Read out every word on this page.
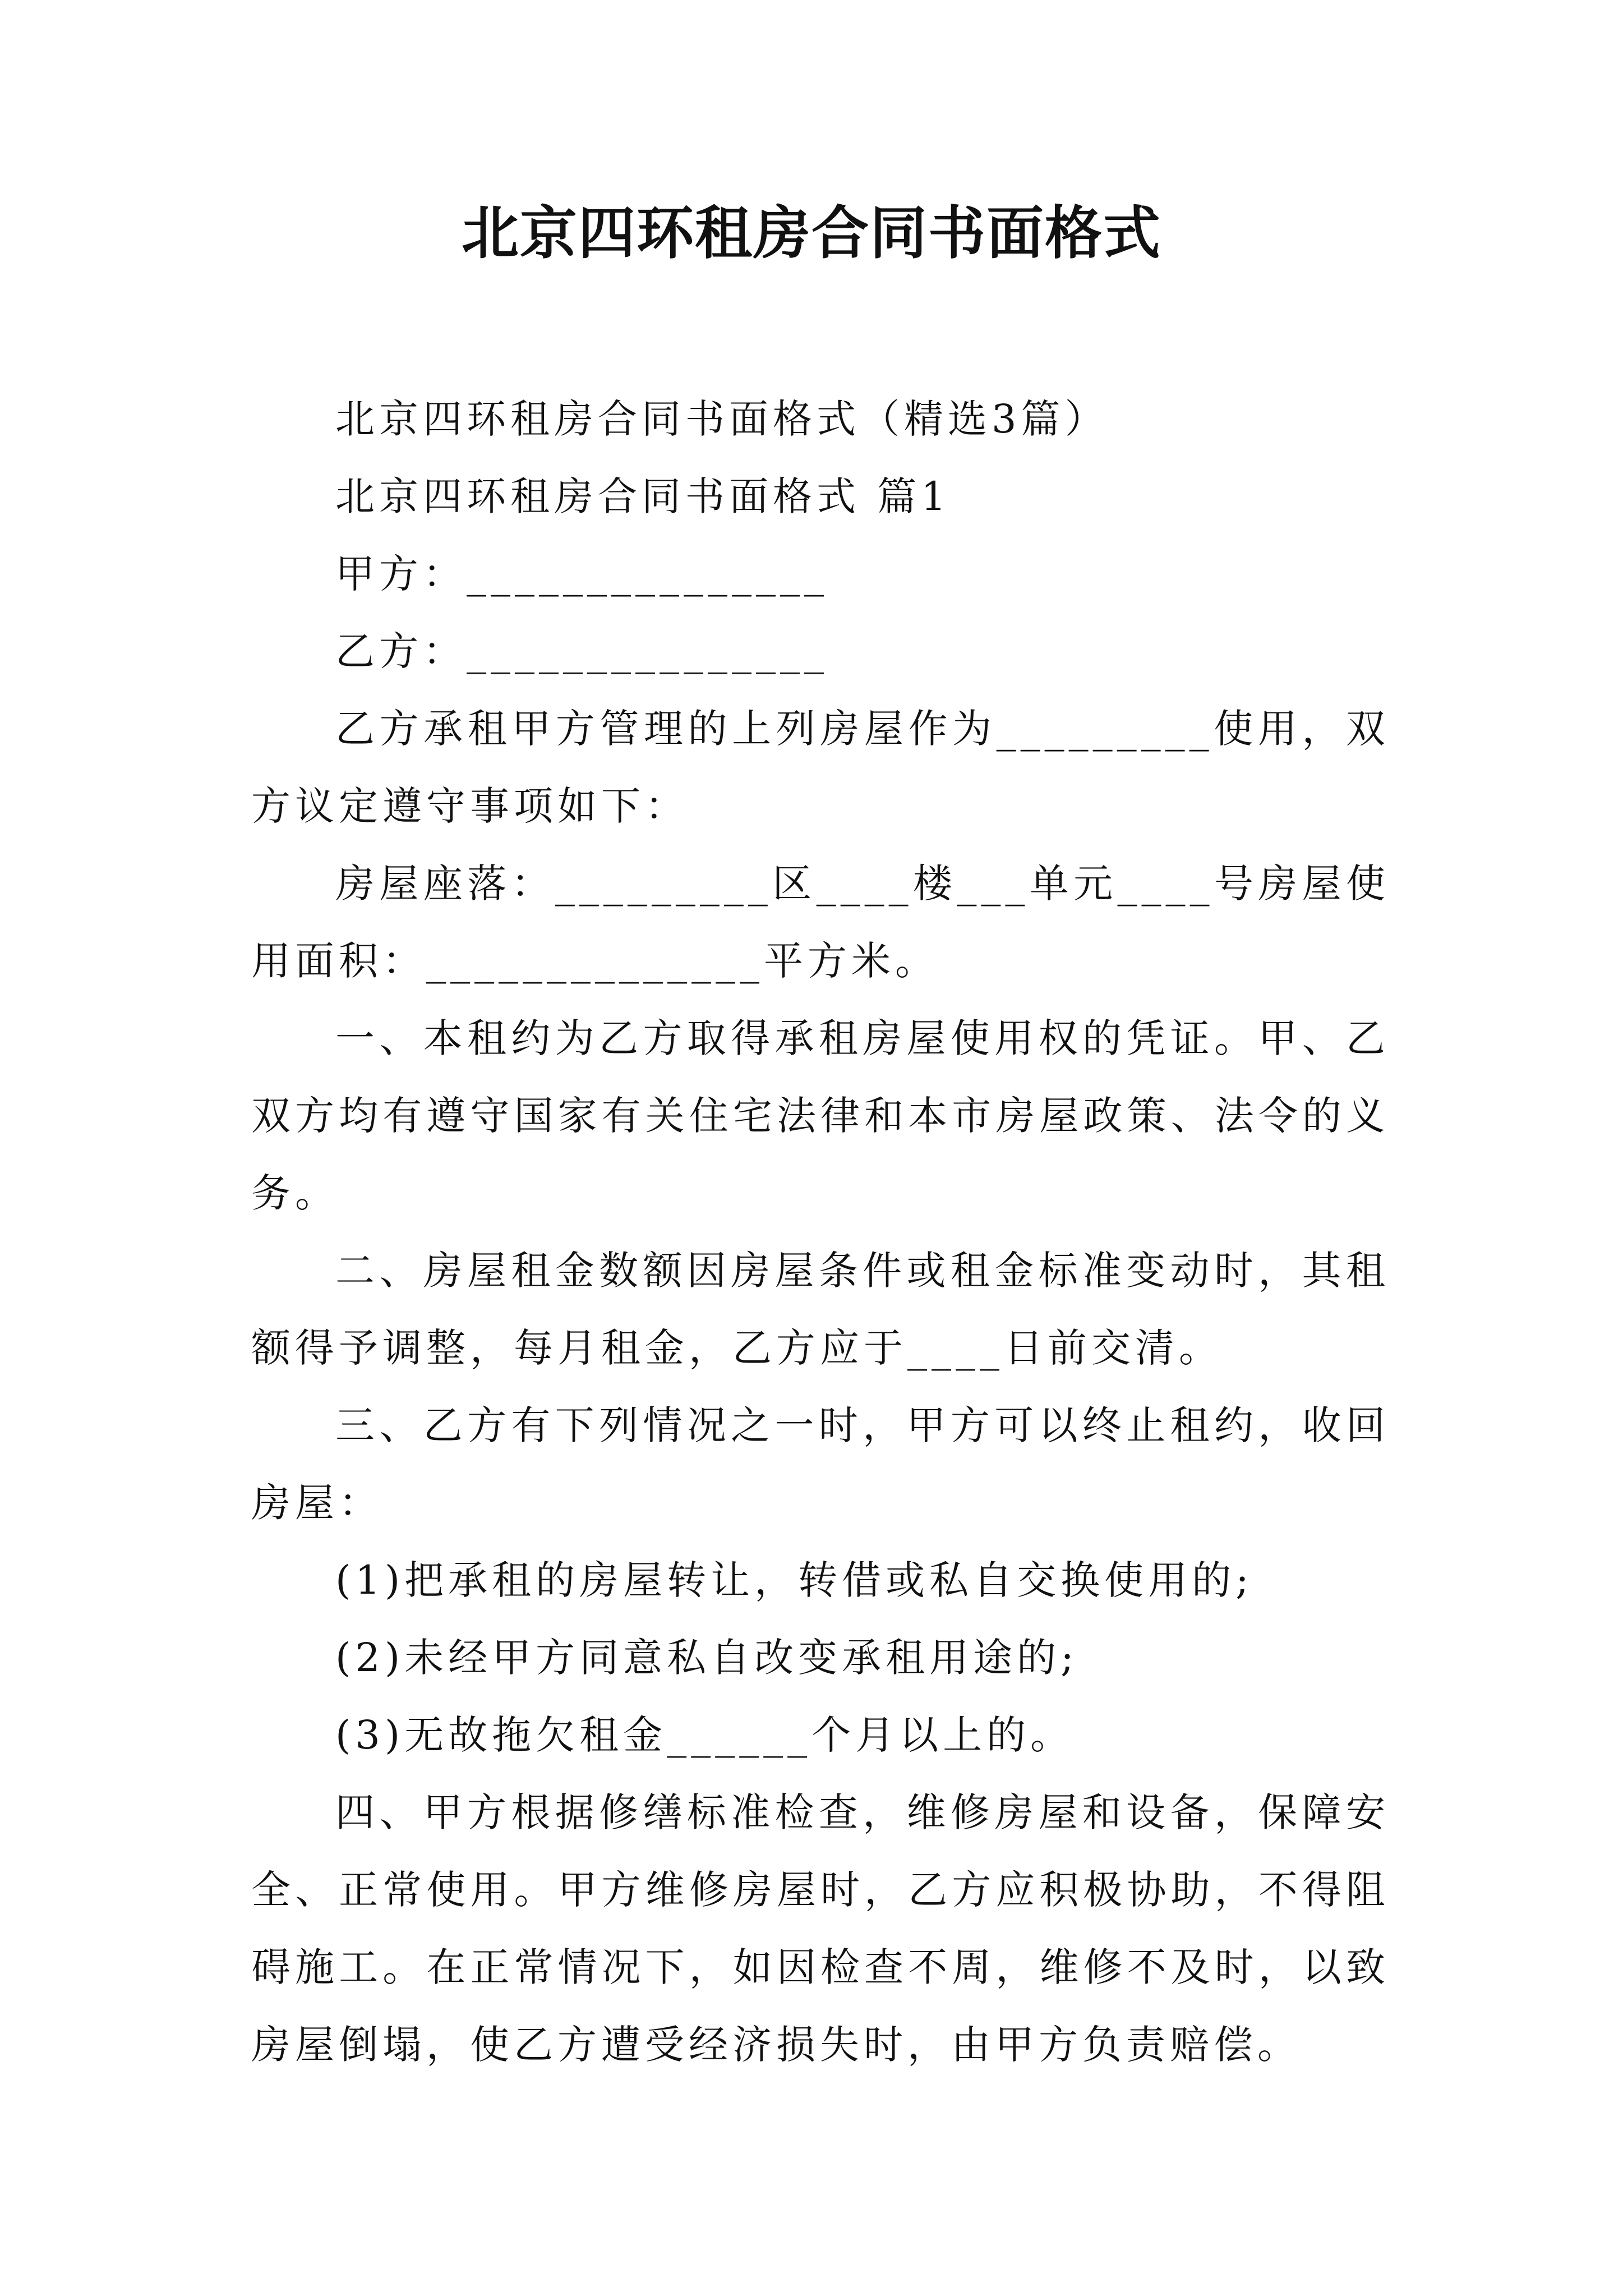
北京四环租房合同书面格式

北京四环租房合同书面格式（精选3篇）

北京四环租房合同书面格式 篇1

甲方：_______________

乙方：_______________

乙方承租甲方管理的上列房屋作为_________使用，双方议定遵守事项如下：

房屋座落：_________区____楼___单元____号房屋使用面积：______________平方米。

一、本租约为乙方取得承租房屋使用权的凭证。甲、乙双方均有遵守国家有关住宅法律和本市房屋政策、法令的义务。

二、房屋租金数额因房屋条件或租金标准变动时，其租额得予调整，每月租金，乙方应于____日前交清。

三、乙方有下列情况之一时，甲方可以终止租约，收回房屋：

(1)把承租的房屋转让，转借或私自交换使用的;

(2)未经甲方同意私自改变承租用途的;

(3)无故拖欠租金______个月以上的。

四、甲方根据修缮标准检查，维修房屋和设备，保障安全、正常使用。甲方维修房屋时，乙方应积极协助，不得阻碍施工。在正常情况下，如因检查不周，维修不及时，以致房屋倒塌，使乙方遭受经济损失时，由甲方负责赔偿。
